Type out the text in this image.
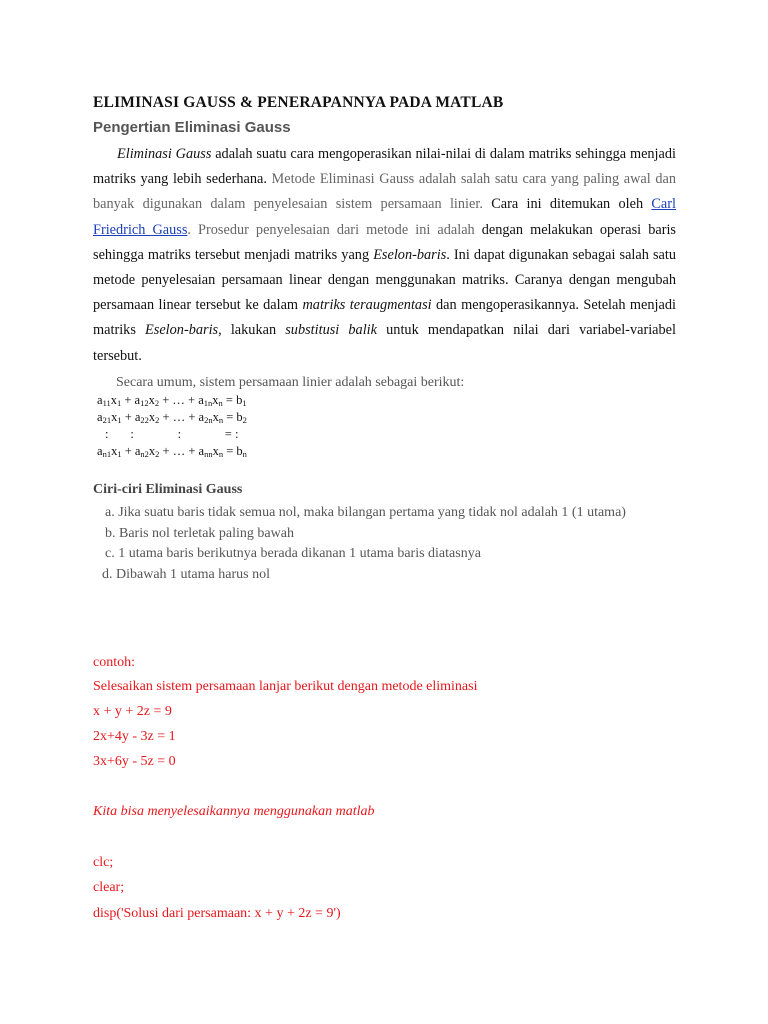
ELIMINASI GAUSS & PENERAPANNYA PADA MATLAB
Pengertian Eliminasi Gauss

Eliminasi Gauss adalah suatu cara mengoperasikan nilai-nilai di dalam matriks sehingga menjadi matriks yang lebih sederhana. Metode Eliminasi Gauss adalah salah satu cara yang paling awal dan banyak digunakan dalam penyelesaian sistem persamaan linier. Cara ini ditemukan oleh Carl Friedrich Gauss. Prosedur penyelesaian dari metode ini adalah dengan melakukan operasi baris sehingga matriks tersebut menjadi matriks yang Eselon-baris. Ini dapat digunakan sebagai salah satu metode penyelesaian persamaan linear dengan menggunakan matriks. Caranya dengan mengubah persamaan linear tersebut ke dalam matriks teraugmentasi dan mengoperasikannya. Setelah menjadi matriks Eselon-baris, lakukan substitusi balik untuk mendapatkan nilai dari variabel-variabel tersebut.

Secara umum, sistem persamaan linier adalah sebagai berikut:
$a_{11}x_1 + a_{12}x_2$ + … + $a_{1n}x_n = b_1$
$a_{21}x_1 + a_{22}x_2$ + … + $a_{2n}x_n = b_2$
:       :              :              = :
$a_{n1}x_1 + a_{n2}x_2$ + … + $a_{nn}x_n = b_n$
Ciri-ciri Eliminasi Gauss
a. Jika suatu baris tidak semua nol, maka bilangan pertama yang tidak nol adalah 1 (1 utama)
b. Baris nol terletak paling bawah
c. 1 utama baris berikutnya berada dikanan 1 utama baris diatasnya
d. Dibawah 1 utama harus nol
contoh:
Selesaikan sistem persamaan lanjar berikut dengan metode eliminasi
x + y + 2z = 9
2x+4y - 3z = 1
3x+6y - 5z = 0
Kita bisa menyelesaikannya menggunakan matlab
clc;
clear;
disp('Solusi dari persamaan: x + y + 2z = 9')
